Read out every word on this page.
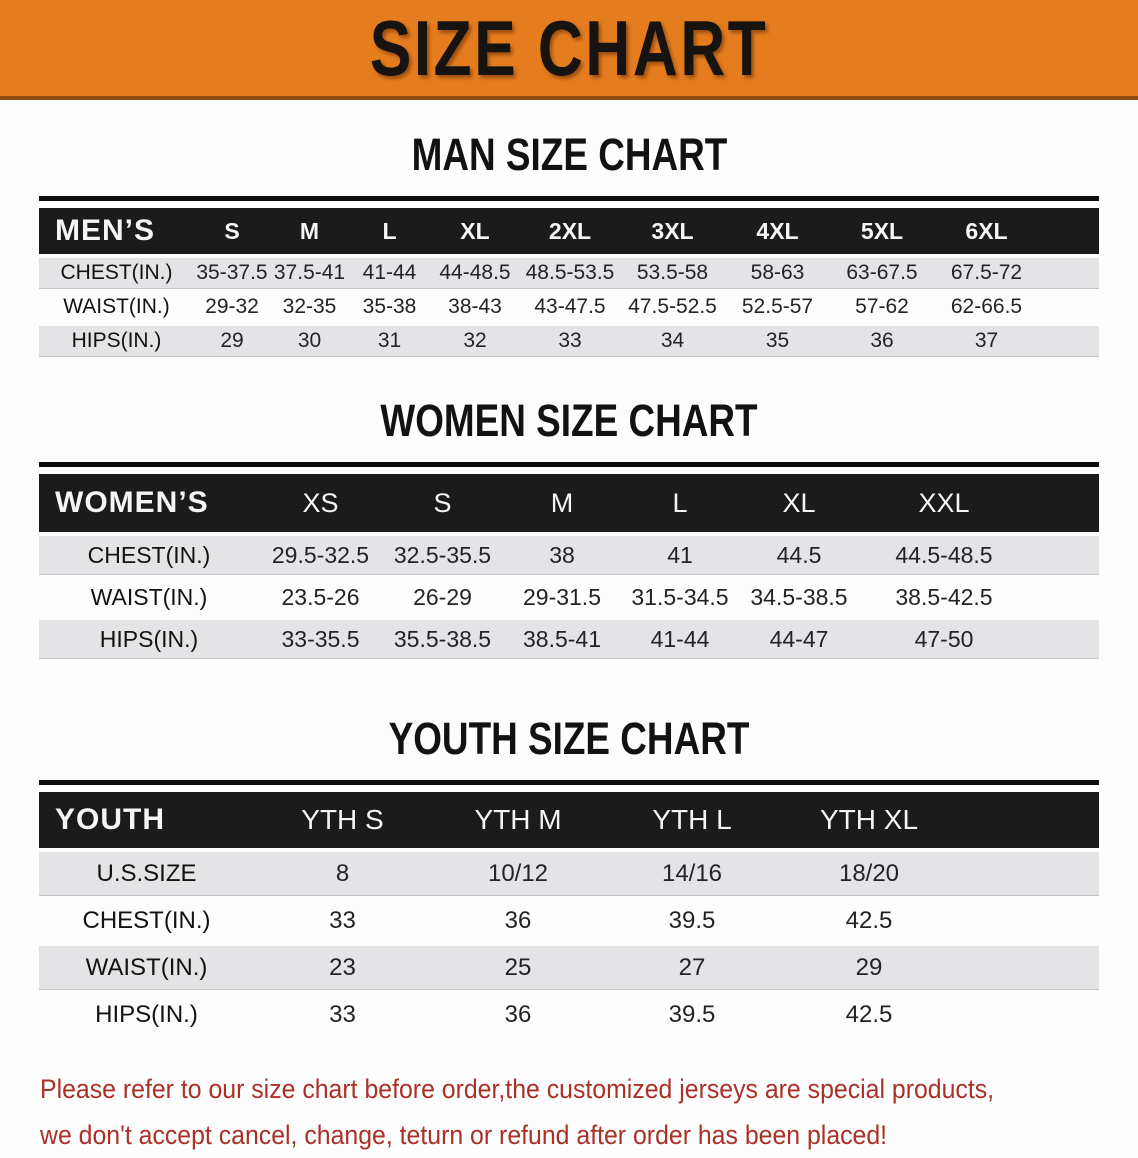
SIZE CHART
MAN SIZE CHART
MEN’S	S	M	L	XL	2XL	3XL	4XL	5XL	6XL
CHEST(IN.)	35-37.5	37.5-41	41-44	44-48.5	48.5-53.5	53.5-58	58-63	63-67.5	67.5-72
WAIST(IN.)	29-32	32-35	35-38	38-43	43-47.5	47.5-52.5	52.5-57	57-62	62-66.5
HIPS(IN.)	29	30	31	32	33	34	35	36	37
WOMEN SIZE CHART
WOMEN’S	XS	S	M	L	XL	XXL
CHEST(IN.)	29.5-32.5	32.5-35.5	38	41	44.5	44.5-48.5
WAIST(IN.)	23.5-26	26-29	29-31.5	31.5-34.5	34.5-38.5	38.5-42.5
HIPS(IN.)	33-35.5	35.5-38.5	38.5-41	41-44	44-47	47-50
YOUTH SIZE CHART
YOUTH	YTH S	YTH M	YTH L	YTH XL
U.S.SIZE	8	10/12	14/16	18/20
CHEST(IN.)	33	36	39.5	42.5
WAIST(IN.)	23	25	27	29
HIPS(IN.)	33	36	39.5	42.5

Please refer to our size chart before order,the customized jerseys are special products,

we don't accept cancel, change, teturn or refund after order has been placed!
